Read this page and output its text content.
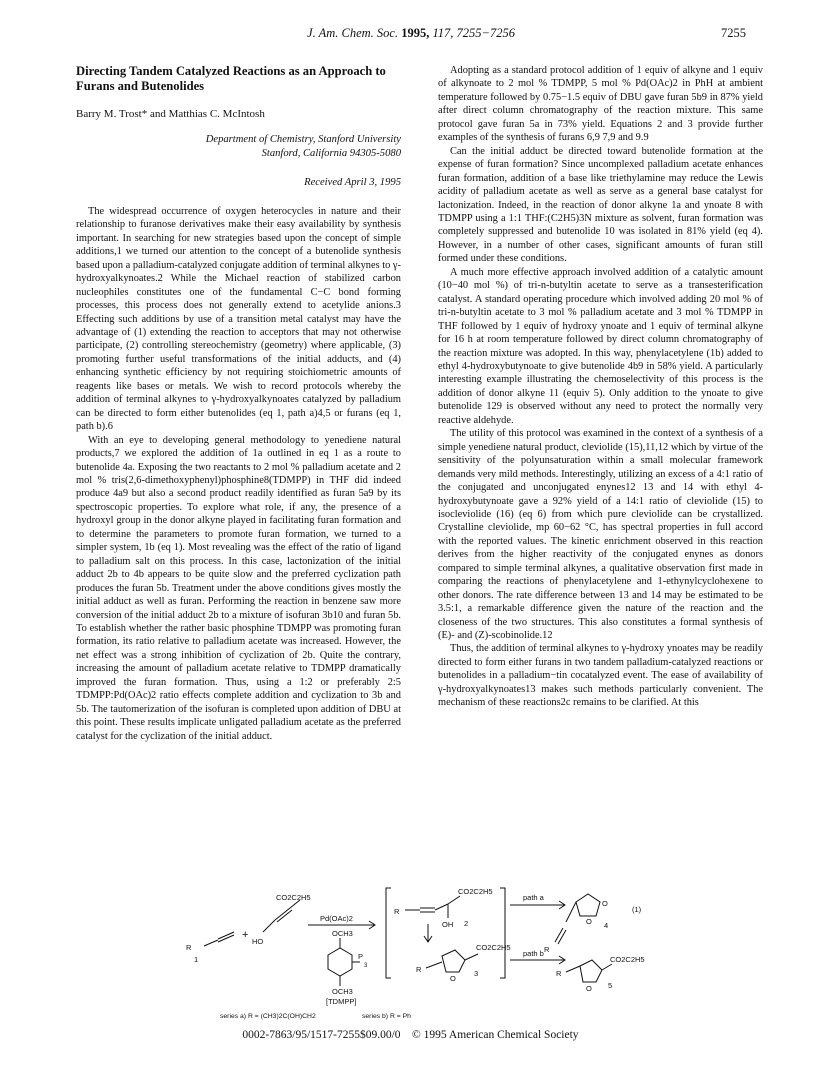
J. Am. Chem. Soc. 1995, 117, 7255−7256	7255
Directing Tandem Catalyzed Reactions as an Approach to Furans and Butenolides
Barry M. Trost* and Matthias C. McIntosh
Department of Chemistry, Stanford University
Stanford, California 94305-5080
Received April 3, 1995

The widespread occurrence of oxygen heterocycles in nature and their relationship to furanose derivatives make their easy availability by synthesis important. In searching for new strategies based upon the concept of simple additions,1 we turned our attention to the concept of a butenolide synthesis based upon a palladium-catalyzed conjugate addition of terminal alkynes to γ-hydroxyalkynoates.2 While the Michael reaction of stabilized carbon nucleophiles constitutes one of the fundamental C−C bond forming processes, this process does not generally extend to acetylide anions.3 Effecting such additions by use of a transition metal catalyst may have the advantage of (1) extending the reaction to acceptors that may not otherwise participate, (2) controlling stereochemistry (geometry) where applicable, (3) promoting further useful transformations of the initial adducts, and (4) enhancing synthetic efficiency by not requiring stoichiometric amounts of reagents like bases or metals. We wish to record protocols whereby the addition of terminal alkynes to γ-hydroxyalkynoates catalyzed by palladium can be directed to form either butenolides (eq 1, path a)4,5 or furans (eq 1, path b).6

With an eye to developing general methodology to yenediene natural products,7 we explored the addition of 1a outlined in eq 1 as a route to butenolide 4a. Exposing the two reactants to 2 mol % palladium acetate and 2 mol % tris(2,6-dimethoxyphenyl)phosphine8(TDMPP) in THF did indeed produce 4a9 but also a second product readily identified as furan 5a9 by its spectroscopic properties. To explore what role, if any, the presence of a hydroxyl group in the donor alkyne played in facilitating furan formation and to determine the parameters to promote furan formation, we turned to a simpler system, 1b (eq 1). Most revealing was the effect of the ratio of ligand to palladium salt on this process. In this case, lactonization of the initial adduct 2b to 4b appears to be quite slow and the preferred cyclization path produces the furan 5b. Treatment under the above conditions gives mostly the initial adduct as well as furan. Performing the reaction in benzene saw more conversion of the initial adduct 2b to a mixture of isofuran 3b10 and furan 5b. To establish whether the rather basic phosphine TDMPP was promoting furan formation, its ratio relative to palladium acetate was increased. However, the net effect was a strong inhibition of cyclization of 2b. Quite the contrary, increasing the amount of palladium acetate relative to TDMPP dramatically improved the furan formation. Thus, using a 1:2 or preferably 2:5 TDMPP:Pd(OAc)2 ratio effects complete addition and cyclization to 3b and 5b. The tautomerization of the isofuran is completed upon addition of DBU at this point. These results implicate unligated palladium acetate as the preferred catalyst for the cyclization of the initial adduct.

Adopting as a standard protocol addition of 1 equiv of alkyne and 1 equiv of alkynoate to 2 mol % TDMPP, 5 mol % Pd(OAc)2 in PhH at ambient temperature followed by 0.75−1.5 equiv of DBU gave furan 5b9 in 87% yield after direct column chromatography of the reaction mixture. This same protocol gave furan 5a in 73% yield. Equations 2 and 3 provide further examples of the synthesis of furans 6,9 7,9 and 9.9

Can the initial adduct be directed toward butenolide formation at the expense of furan formation? Since uncomplexed palladium acetate enhances furan formation, addition of a base like triethylamine may reduce the Lewis acidity of palladium acetate as well as serve as a general base catalyst for lactonization. Indeed, in the reaction of donor alkyne 1a and ynoate 8 with TDMPP using a 1:1 THF:(C2H5)3N mixture as solvent, furan formation was completely suppressed and butenolide 10 was isolated in 81% yield (eq 4). However, in a number of other cases, significant amounts of furan still formed under these conditions.

A much more effective approach involved addition of a catalytic amount (10−40 mol %) of tri-n-butyltin acetate to serve as a transesterification catalyst. A standard operating procedure which involved adding 20 mol % of tri-n-butyltin acetate to 3 mol % palladium acetate and 3 mol % TDMPP in THF followed by 1 equiv of hydroxy ynoate and 1 equiv of terminal alkyne for 16 h at room temperature followed by direct column chromatography of the reaction mixture was adopted. In this way, phenylacetylene (1b) added to ethyl 4-hydroxybutynoate to give butenolide 4b9 in 58% yield. A particularly interesting example illustrating the chemoselectivity of this process is the addition of donor alkyne 11 (equiv 5). Only addition to the ynoate to give butenolide 129 is observed without any need to protect the normally very reactive aldehyde.

The utility of this protocol was examined in the context of a synthesis of a simple yenediene natural product, cleviolide (15),11,12 which by virtue of the sensitivity of the polyunsaturation within a small molecular framework demands very mild methods. Interestingly, utilizing an excess of a 4:1 ratio of the conjugated and unconjugated enynes12 13 and 14 with ethyl 4-hydroxybutynoate gave a 92% yield of a 14:1 ratio of cleviolide (15) to isocleviolide (16) (eq 6) from which pure cleviolide can be crystallized. Crystalline cleviolide, mp 60−62 °C, has spectral properties in full accord with the reported values. The kinetic enrichment observed in this reaction derives from the higher reactivity of the conjugated enynes as donors compared to simple terminal alkynes, a qualitative observation first made in comparing the reactions of phenylacetylene and 1-ethynylcyclohexene to other donors. The rate difference between 13 and 14 may be estimated to be 3.5:1, a remarkable difference given the nature of the reaction and the closeness of the two structures. This also constitutes a formal synthesis of (E)- and (Z)-scobinolide.12

Thus, the addition of terminal alkynes to γ-hydroxy ynoates may be readily directed to form either furans in two tandem palladium-catalyzed reactions or butenolides in a palladium−tin cocatalyzed event. The ease of availability of γ-hydroxyalkynoates13 makes such methods particularly convenient. The mechanism of these reactions2c remains to be clarified. At this

R
+
CO2C2H5
HO
Pd(OAc)2
OCH3
P
3
OCH3
[TDMPP]
1
R
CO2C2H5
OH 2
R
O
CO2C2H5
3
path a
path b
O
O
R
4
(1)
R
O
CO2C2H5
5
series a) R = (CH3)2C(OH)CH2	series b) R = Ph
0002-7863/95/1517-7255$09.00/0 © 1995 American Chemical Society
